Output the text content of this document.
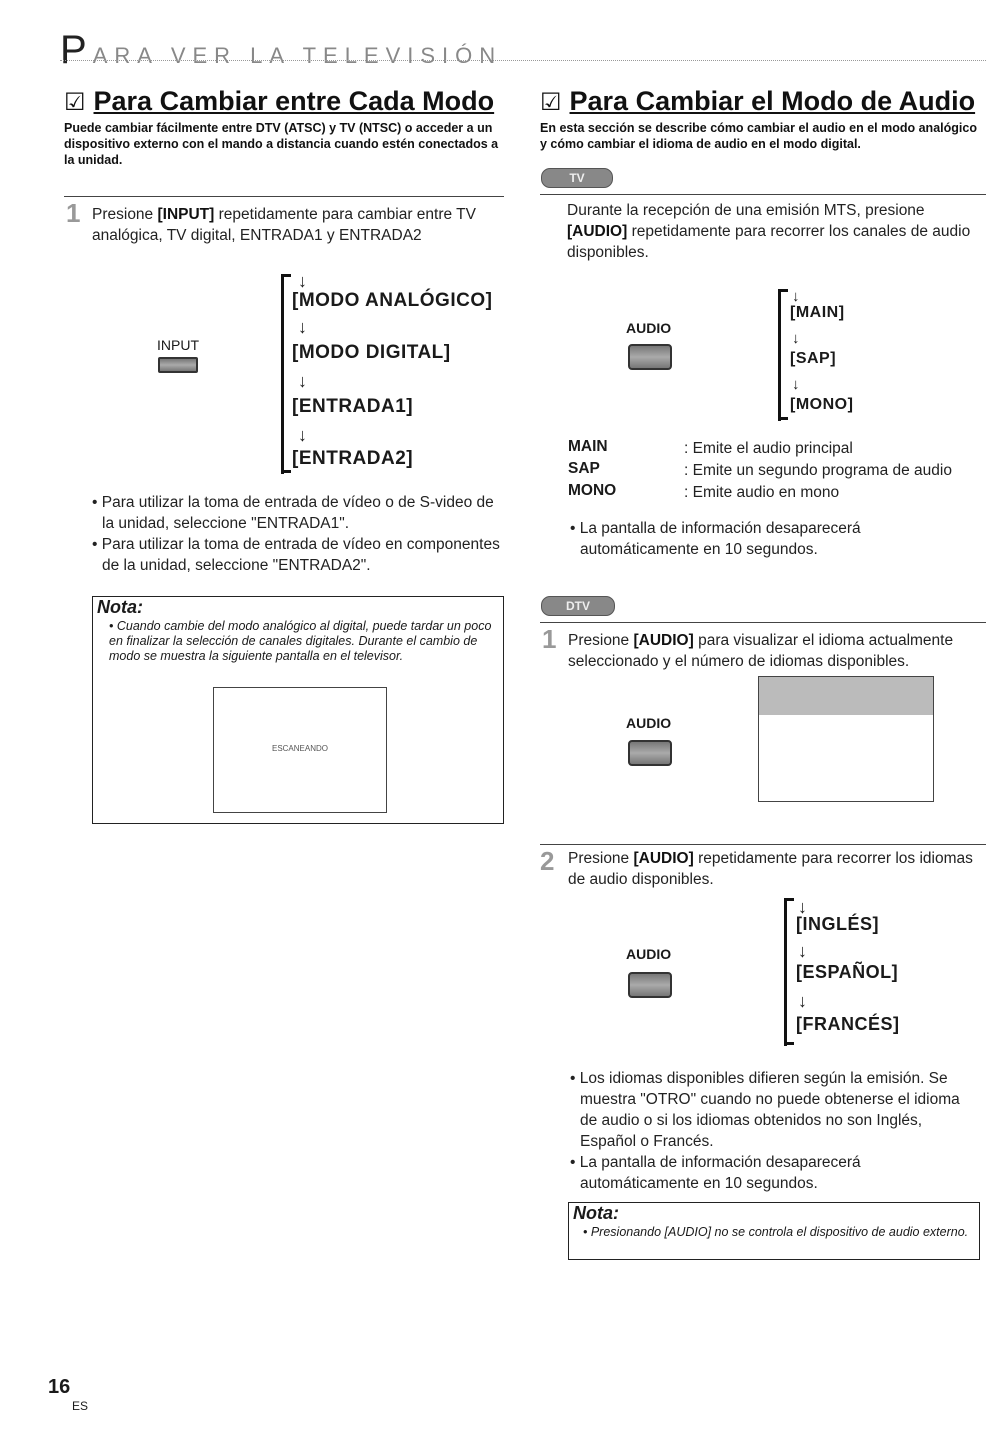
PARA VER LA TELEVISIÓN
☑ Para Cambiar entre Cada Modo
Puede cambiar fácilmente entre DTV (ATSC) y TV (NTSC) o acceder a un dispositivo externo con el mando a distancia cuando estén conectados a la unidad.
1 Presione [INPUT] repetidamente para cambiar entre TV analógica, TV digital, ENTRADA1 y ENTRADA2
INPUT
↓
[MODO ANALÓGICO]
↓
[MODO DIGITAL]
↓
[ENTRADA1]
↓
[ENTRADA2]
• Para utilizar la toma de entrada de vídeo o de S-video de la unidad, seleccione "ENTRADA1".
• Para utilizar la toma de entrada de vídeo en componentes de la unidad, seleccione "ENTRADA2".
Nota:
• Cuando cambie del modo analógico al digital, puede tardar un poco en finalizar la selección de canales digitales. Durante el cambio de modo se muestra la siguiente pantalla en el televisor.
ESCANEANDO
☑ Para Cambiar el Modo de Audio
En esta sección se describe cómo cambiar el audio en el modo analógico y cómo cambiar el idioma de audio en el modo digital.
TV
Durante la recepción de una emisión MTS, presione [AUDIO] repetidamente para recorrer los canales de audio disponibles.
AUDIO
↓
[MAIN]
↓
[SAP]
↓
[MONO]
MAIN	: Emite el audio principal
SAP	: Emite un segundo programa de audio
MONO	: Emite audio en mono
• La pantalla de información desaparecerá automáticamente en 10 segundos.
DTV
1 Presione [AUDIO] para visualizar el idioma actualmente seleccionado y el número de idiomas disponibles.
AUDIO
2 Presione [AUDIO] repetidamente para recorrer los idiomas de audio disponibles.
AUDIO
↓
[INGLÉS]
↓
[ESPAÑOL]
↓
[FRANCÉS]
• Los idiomas disponibles difieren según la emisión. Se muestra "OTRO" cuando no puede obtenerse el idioma de audio o si los idiomas obtenidos no son Inglés, Español o Francés.
• La pantalla de información desaparecerá automáticamente en 10 segundos.
Nota:
• Presionando [AUDIO] no se controla el dispositivo de audio externo.
16
ES
